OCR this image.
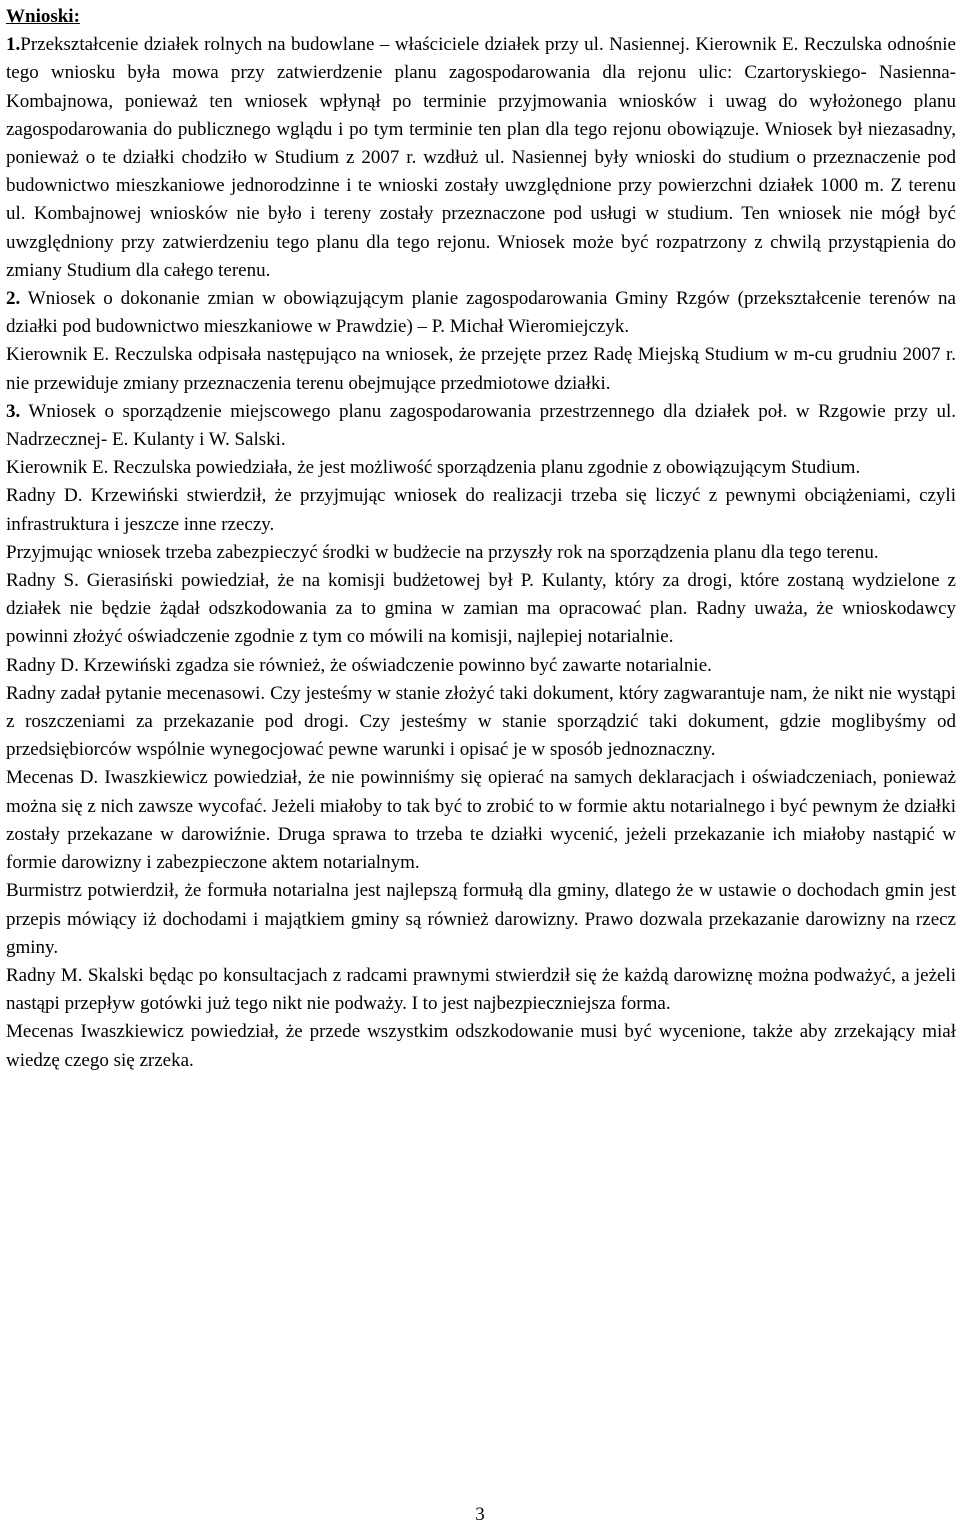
Wnioski:

1.Przekształcenie działek rolnych na budowlane – właściciele działek przy ul. Nasiennej. Kierownik E. Reczulska odnośnie tego wniosku była mowa przy zatwierdzenie planu zagospodarowania dla rejonu ulic: Czartoryskiego- Nasienna-Kombajnowa, ponieważ ten wniosek wpłynął po terminie przyjmowania wniosków i uwag do wyłożonego planu zagospodarowania do publicznego wglądu i po tym terminie ten plan dla tego rejonu obowiązuje. Wniosek był niezasadny, ponieważ o te działki chodziło w Studium z 2007 r. wzdłuż ul. Nasiennej były wnioski do studium o przeznaczenie pod budownictwo mieszkaniowe jednorodzinne i te wnioski zostały uwzględnione przy powierzchni działek 1000 m. Z terenu ul. Kombajnowej wniosków nie było i tereny zostały przeznaczone pod usługi w studium. Ten wniosek nie mógł być uwzględniony przy zatwierdzeniu tego planu dla tego rejonu. Wniosek może być rozpatrzony z chwilą przystąpienia do zmiany Studium dla całego terenu.

2. Wniosek o dokonanie zmian w obowiązującym planie zagospodarowania Gminy Rzgów (przekształcenie terenów na działki pod budownictwo mieszkaniowe w Prawdzie) – P. Michał Wieromiejczyk.

Kierownik E. Reczulska odpisała następująco na wniosek, że przejęte przez Radę Miejską Studium w m-cu grudniu 2007 r. nie przewiduje zmiany przeznaczenia terenu obejmujące przedmiotowe działki.

3. Wniosek o sporządzenie miejscowego planu zagospodarowania przestrzennego dla działek poł. w Rzgowie przy ul. Nadrzecznej- E. Kulanty i W. Salski.

Kierownik E. Reczulska powiedziała, że jest możliwość sporządzenia planu zgodnie z obowiązującym Studium.

Radny D. Krzewiński stwierdził, że przyjmując wniosek do realizacji trzeba się liczyć z pewnymi obciążeniami, czyli infrastruktura i jeszcze inne rzeczy.

Przyjmując wniosek trzeba zabezpieczyć środki w budżecie na przyszły rok na sporządzenia planu dla tego terenu.

Radny S. Gierasiński powiedział, że na komisji budżetowej był P. Kulanty, który za drogi, które zostaną wydzielone z działek nie będzie żądał odszkodowania za to gmina w zamian ma opracować plan. Radny uważa, że wnioskodawcy powinni złożyć oświadczenie zgodnie z tym co mówili na komisji, najlepiej notarialnie.

Radny D. Krzewiński zgadza sie również, że oświadczenie powinno być zawarte notarialnie.

Radny zadał pytanie mecenasowi. Czy jesteśmy w stanie złożyć taki dokument, który zagwarantuje nam, że nikt nie wystąpi z roszczeniami za przekazanie pod drogi. Czy jesteśmy w stanie sporządzić taki dokument, gdzie moglibyśmy od przedsiębiorców wspólnie wynegocjować pewne warunki i opisać je w sposób jednoznaczny.

Mecenas D. Iwaszkiewicz powiedział, że nie powinniśmy się opierać na samych deklaracjach i oświadczeniach, ponieważ można się z nich zawsze wycofać. Jeżeli miałoby to tak być to zrobić to w formie aktu notarialnego i być pewnym że działki zostały przekazane w darowiźnie. Druga sprawa to trzeba te działki wycenić, jeżeli przekazanie ich miałoby nastąpić w formie darowizny i zabezpieczone aktem notarialnym.

Burmistrz potwierdził, że formuła notarialna jest najlepszą formułą dla gminy, dlatego że w ustawie o dochodach gmin jest przepis mówiący iż dochodami i majątkiem gminy są również darowizny. Prawo dozwala przekazanie darowizny na rzecz gminy.

Radny M. Skalski będąc po konsultacjach z radcami prawnymi stwierdził się że każdą darowiznę można podważyć, a jeżeli nastąpi przepływ gotówki już tego nikt nie podważy. I to jest najbezpieczniejsza forma.

Mecenas Iwaszkiewicz powiedział, że przede wszystkim odszkodowanie musi być wycenione, także aby zrzekający miał wiedzę czego się zrzeka.

3
